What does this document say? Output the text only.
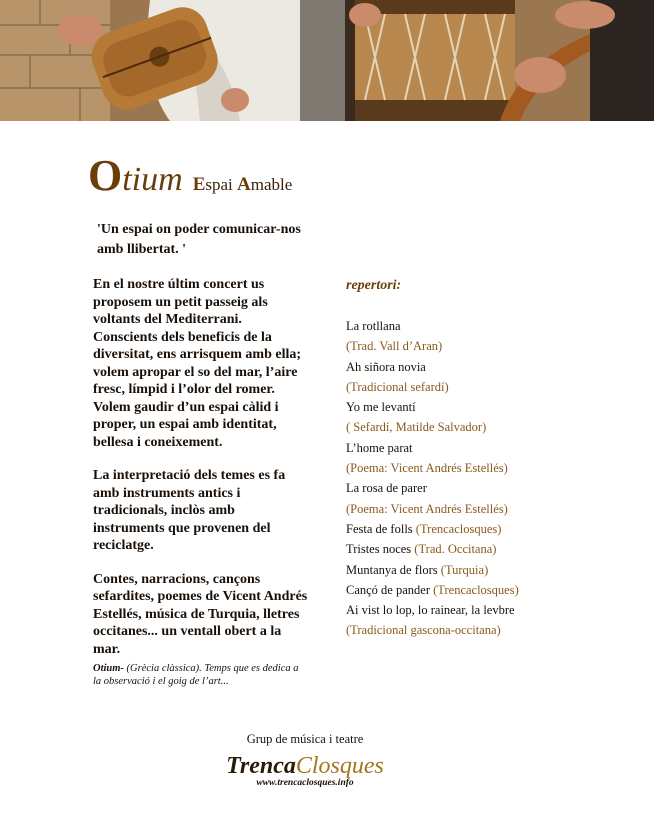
Otium Espai Amable

'Un espai on poder comunicar-nos amb llibertat. '

En el nostre últim concert us proposem un petit passeig als voltants del Mediterrani. Conscients dels beneficis de la diversitat, ens arrisquem amb ella; volem apropar el so del mar, l’aire fresc, límpid i l’olor del romer. Volem gaudir d’un espai càlid i proper, un espai amb identitat, bellesa i coneixement.

La interpretació dels temes es fa amb instruments antics i tradicionals, inclòs amb instruments que provenen del reciclatge.

Contes, narracions, cançons sefardites, poemes de Vicent Andrés Estellés, música de Turquia, lletres occitanes... un ventall obert a la mar.

Otium- (Grècia clàssica). Temps que es dedica a la observació i el goig de l’art...
repertori:
La rotllana
(Trad. Vall d’Aran)
Ah siñora novia
(Tradicional sefardí)
Yo me levantí
( Sefardí, Matilde Salvador)
L’home parat
(Poema: Vicent Andrés Estellés)
La rosa de parer
(Poema: Vicent Andrés Estellés)
Festa de folls (Trencaclosques)
Tristes noces (Trad. Occitana)
Muntanya de flors (Turquia)
Cançó de pander (Trencaclosques)
Ai vist lo lop, lo rainear, la levbre
(Tradicional gascona-occitana)
Grup de música i teatre
TrencaClosques
www.trencaclosques.info
